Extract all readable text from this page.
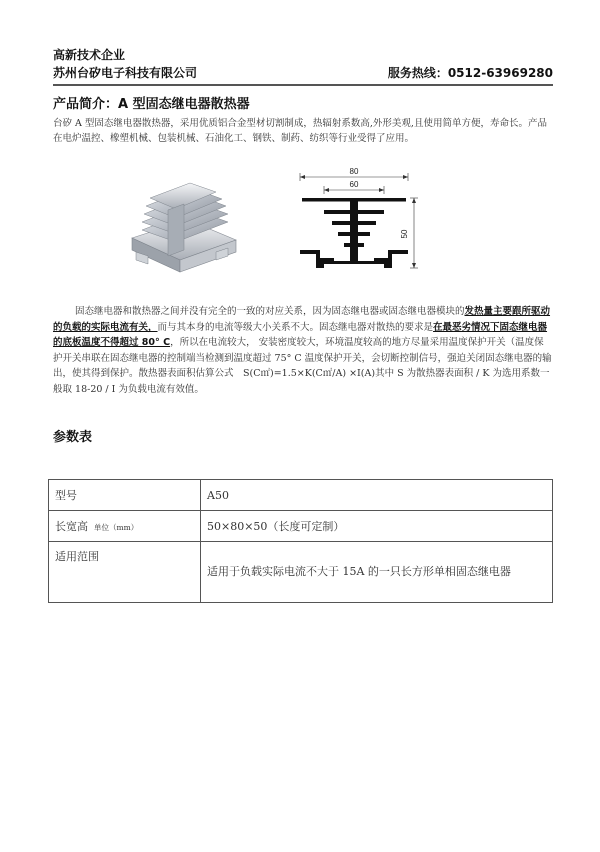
高新技术企业
苏州台矽电子科技有限公司	服务热线：0512-63969280
产品简介：A 型固态继电器散热器
台矽 A 型固态继电器散热器，采用优质铝合金型材切割制成，热辐射系数高,外形美观,且使用简单方便，寿命长。产品在电炉温控、橡塑机械、包装机械、石油化工、钢铁、制药、纺织等行业受得了应用。
80
60
50

固态继电器和散热器之间并没有完全的一致的对应关系，因为固态继电器或固态继电器模块的发热量主要跟所驱动的负载的实际电流有关，而与其本身的电流等级大小关系不大。固态继电器对散热的要求是在最恶劣情况下固态继电器的底板温度不得超过 80° C，所以在电流较大， 安装密度较大，环境温度较高的地方尽量采用温度保护开关（温度保护开关串联在固态继电器的控制端当检测到温度超过 75° C 温度保护开关，会切断控制信号，强迫关闭固态继电器的输出，使其得到保护。散热器表面积估算公式　S(C㎡)=1.5×K(C㎡/A) ×I(A)其中 S 为散热器表面积 / K 为选用系数一般取 18-20 / I 为负载电流有效值。

参数表
型号	A50
长宽高 单位（mm）	50×80×50（长度可定制）
适用范围	适用于负载实际电流不大于 15A 的一只长方形单相固态继电器
